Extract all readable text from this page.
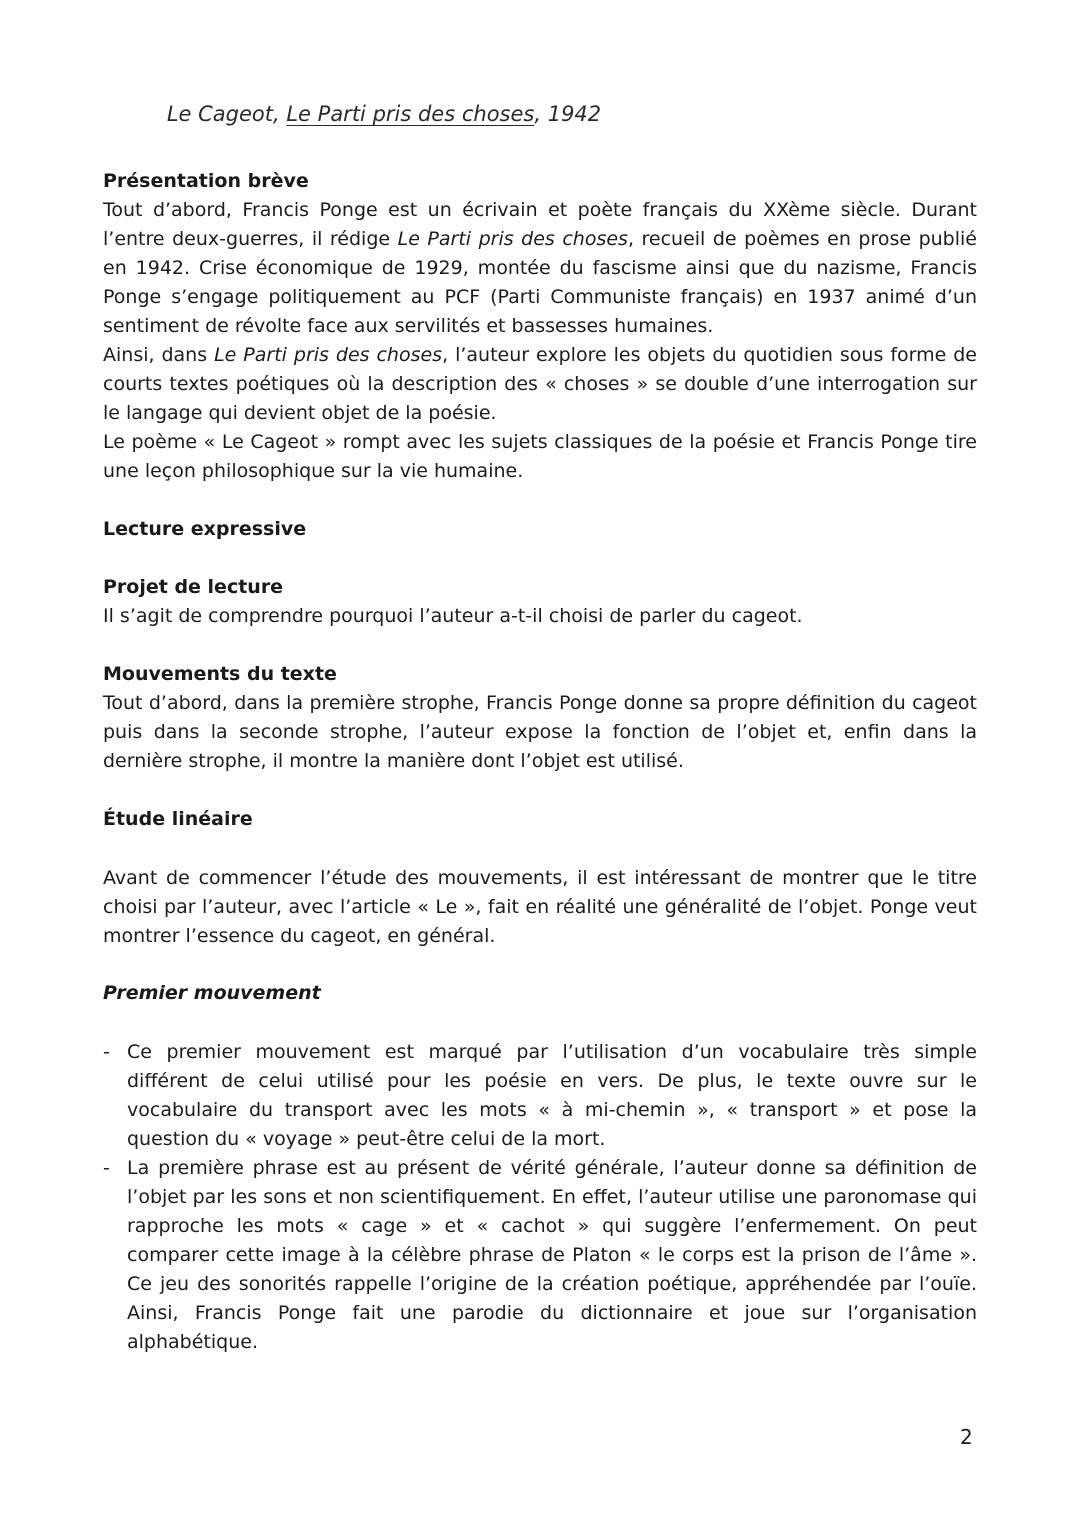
Le Cageot, Le Parti pris des choses, 1942
Présentation brève

Tout d’abord, Francis Ponge est un écrivain et poète français du XXème siècle. Durant l’entre deux-guerres, il rédige Le Parti pris des choses, recueil de poèmes en prose publié en 1942. Crise économique de 1929, montée du fascisme ainsi que du nazisme, Francis Ponge s’engage politiquement au PCF (Parti Communiste français) en 1937 animé d’un sentiment de révolte face aux servilités et bassesses humaines.

Ainsi, dans Le Parti pris des choses, l’auteur explore les objets du quotidien sous forme de courts textes poétiques où la description des « choses » se double d’une interrogation sur le langage qui devient objet de la poésie.

Le poème « Le Cageot » rompt avec les sujets classiques de la poésie et Francis Ponge tire une leçon philosophique sur la vie humaine.

Lecture expressive
Projet de lecture

Il s’agit de comprendre pourquoi l’auteur a-t-il choisi de parler du cageot.

Mouvements du texte

Tout d’abord, dans la première strophe, Francis Ponge donne sa propre définition du cageot puis dans la seconde strophe, l’auteur expose la fonction de l’objet et, enfin dans la dernière strophe, il montre la manière dont l’objet est utilisé.

Étude linéaire

Avant de commencer l’étude des mouvements, il est intéressant de montrer que le titre choisi par l’auteur, avec l’article « Le », fait en réalité une généralité de l’objet. Ponge veut montrer l’essence du cageot, en général.

Premier mouvement
- Ce premier mouvement est marqué par l’utilisation d’un vocabulaire très simple différent de celui utilisé pour les poésie en vers. De plus, le texte ouvre sur le vocabulaire du transport avec les mots « à mi-chemin », « transport » et pose la question du « voyage » peut-être celui de la mort.
- La première phrase est au présent de vérité générale, l’auteur donne sa définition de l’objet par les sons et non scientifiquement. En effet, l’auteur utilise une paronomase qui rapproche les mots « cage » et « cachot » qui suggère l’enfermement. On peut comparer cette image à la célèbre phrase de Platon « le corps est la prison de l’âme ». Ce jeu des sonorités rappelle l’origine de la création poétique, appréhendée par l’ouïe. Ainsi, Francis Ponge fait une parodie du dictionnaire et joue sur l’organisation alphabétique.
2
